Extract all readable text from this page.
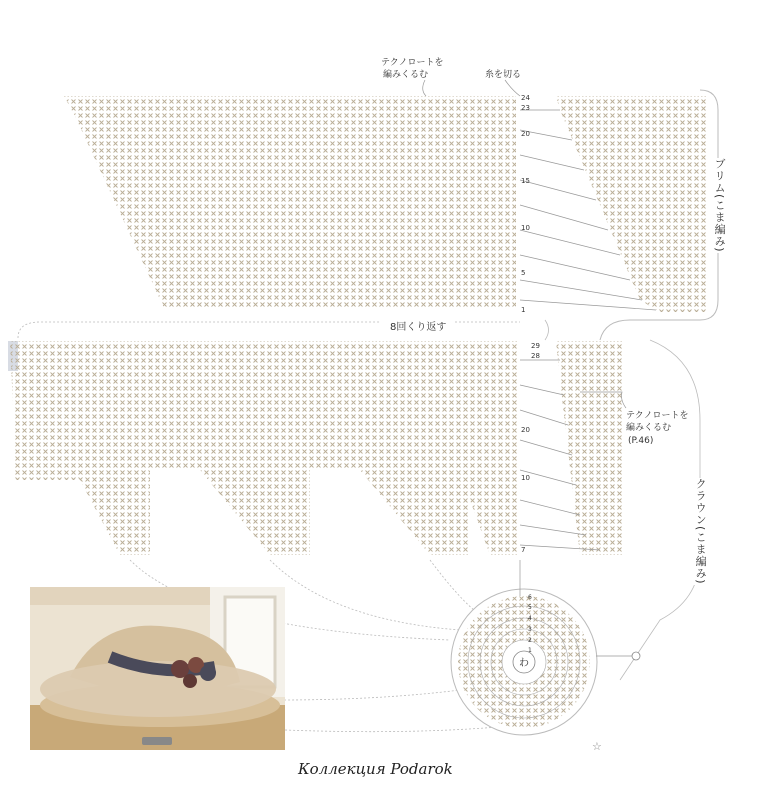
24
23
20
15
10
5
1
テクノロートを
編みくるむ	糸を切る
8回くり返す
29
28
20
10
7
テクノロートを
編みくるむ
(P.46)
わ
☆
6
5
4
3
2
1
ブリム(こま編み)
クラウン(こま編み)
Коллекция Podarok
